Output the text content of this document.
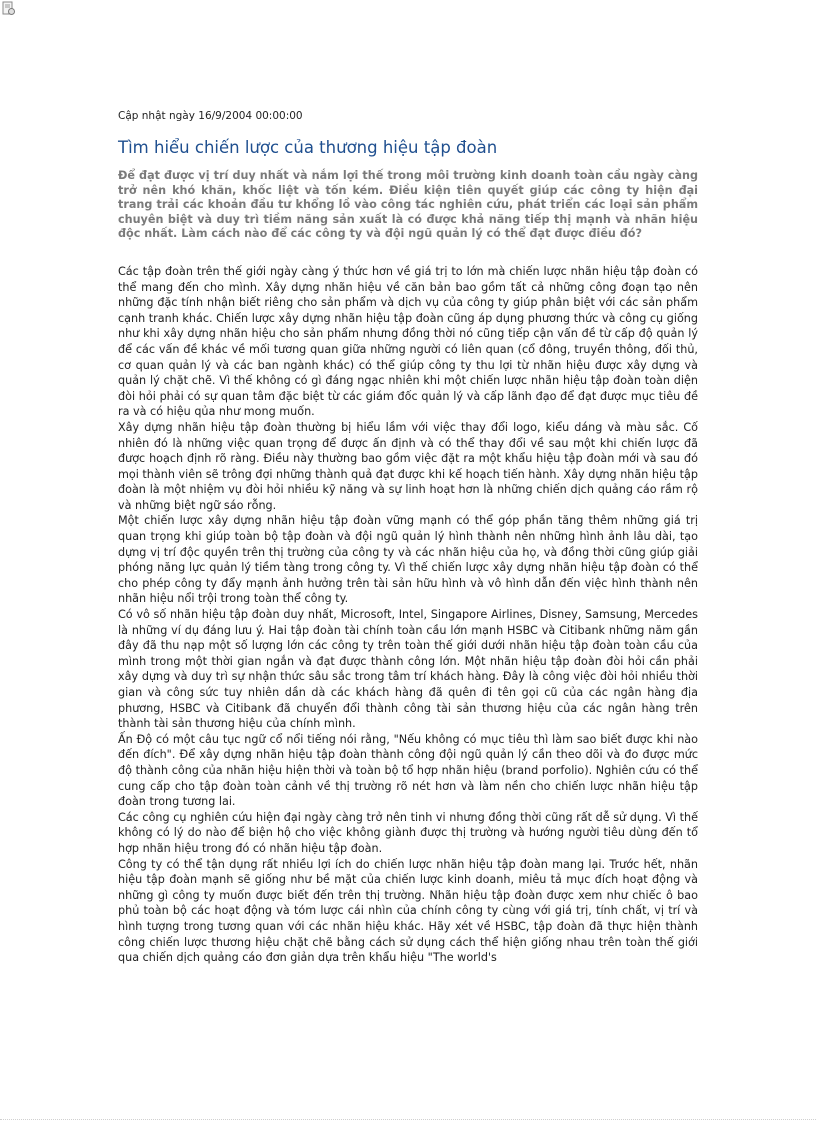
Cập nhật ngày 16/9/2004 00:00:00
Tìm hiểu chiến lược của thương hiệu tập đoàn
Để đạt được vị trí duy nhất và nắm lợi thế trong môi trường kinh doanh toàn cầu ngày càng trở nên khó khăn, khốc liệt và tốn kém. Điều kiện tiên quyết giúp các công ty hiện đại trang trải các khoản đầu tư khổng lồ vào công tác nghiên cứu, phát triển các loại sản phẩm chuyên biệt và duy trì tiềm năng sản xuất là có được khả năng tiếp thị mạnh và nhãn hiệu độc nhất. Làm cách nào để các công ty và đội ngũ quản lý có thể đạt được điều đó?

Các tập đoàn trên thế giới ngày càng ý thức hơn về giá trị to lớn mà chiến lược nhãn hiệu tập đoàn có thể mang đến cho mình. Xây dựng nhãn hiệu về căn bản bao gồm tất cả những công đoạn tạo nên những đặc tính nhận biết riêng cho sản phẩm và dịch vụ của công ty giúp phân biệt với các sản phẩm cạnh tranh khác. Chiến lược xây dựng nhãn hiệu tập đoàn cũng áp dụng phương thức và công cụ giống như khi xây dựng nhãn hiệu cho sản phẩm nhưng đồng thời nó cũng tiếp cận vấn đề từ cấp độ quản lý để các vấn đề khác về mối tương quan giữa những người có liên quan (cổ đông, truyền thông, đối thủ, cơ quan quản lý và các ban ngành khác) có thể giúp công ty thu lợi từ nhãn hiệu được xây dựng và quản lý chặt chẽ. Vì thế không có gì đáng ngạc nhiên khi một chiến lược nhãn hiệu tập đoàn toàn diện đòi hỏi phải có sự quan tâm đặc biệt từ các giám đốc quản lý và cấp lãnh đạo để đạt được mục tiêu đề ra và có hiệu qủa như mong muốn.

Xây dựng nhãn hiệu tập đoàn thường bị hiểu lầm với việc thay đổi logo, kiểu dáng và màu sắc. Cố nhiên đó là những việc quan trọng để được ấn định và có thể thay đổi về sau một khi chiến lược đã được hoạch định rõ ràng. Điều này thường bao gồm việc đặt ra một khẩu hiệu tập đoàn mới và sau đó mọi thành viên sẽ trông đợi những thành quả đạt được khi kế hoạch tiến hành. Xây dựng nhãn hiệu tập đoàn là một nhiệm vụ đòi hỏi nhiều kỹ năng và sự linh hoạt hơn là những chiến dịch quảng cáo rầm rộ và những biệt ngữ sáo rỗng.

Một chiến lược xây dựng nhãn hiệu tập đoàn vững mạnh có thể góp phần tăng thêm những giá trị quan trọng khi giúp toàn bộ tập đoàn và đội ngũ quản lý hình thành nên những hình ảnh lâu dài, tạo dựng vị trí độc quyền trên thị trường của công ty và các nhãn hiệu của họ, và đồng thời cũng giúp giải phóng năng lực quản lý tiềm tàng trong công ty. Vì thế chiến lược xây dựng nhãn hiệu tập đoàn có thể cho phép công ty đẩy mạnh ảnh hưởng trên tài sản hữu hình và vô hình dẫn đến việc hình thành nên nhãn hiệu nổi trội trong toàn thể công ty.

Có vô số nhãn hiệu tập đoàn duy nhất, Microsoft, Intel, Singapore Airlines, Disney, Samsung, Mercedes là những ví dụ đáng lưu ý. Hai tập đoàn tài chính toàn cầu lớn mạnh HSBC và Citibank những năm gần đây đã thu nạp một số lượng lớn các công ty trên toàn thế giới dưới nhãn hiệu tập đoàn toàn cầu của mình trong một thời gian ngắn và đạt được thành công lớn. Một nhãn hiệu tập đoàn đòi hỏi cần phải xây dựng và duy trì sự nhận thức sâu sắc trong tâm trí khách hàng. Đây là công việc đòi hỏi nhiều thời gian và công sức tuy nhiên dần dà các khách hàng đã quên đi tên gọi cũ của các ngân hàng địa phương, HSBC và Citibank đã chuyển đổi thành công tài sản thương hiệu của các ngân hàng trên thành tài sản thương hiệu của chính mình.

Ấn Độ có một câu tục ngữ cổ nổi tiếng nói rằng, "Nếu không có mục tiêu thì làm sao biết được khi nào đến đích". Để xây dựng nhãn hiệu tập đoàn thành công đội ngũ quản lý cần theo dõi và đo được mức độ thành công của nhãn hiệu hiện thời và toàn bộ tổ hợp nhãn hiệu (brand porfolio). Nghiên cứu có thể cung cấp cho tập đoàn toàn cảnh về thị trường rõ nét hơn và làm nền cho chiến lược nhãn hiệu tập đoàn trong tương lai.

Các công cụ nghiên cứu hiện đại ngày càng trở nên tinh vi nhưng đồng thời cũng rất dễ sử dụng. Vì thế không có lý do nào để biện hộ cho việc không giành được thị trường và hướng người tiêu dùng đến tổ hợp nhãn hiệu trong đó có nhãn hiệu tập đoàn.

Công ty có thể tận dụng rất nhiều lợi ích do chiến lược nhãn hiệu tập đoàn mang lại. Trước hết, nhãn hiệu tập đoàn mạnh sẽ giống như bề mặt của chiến lược kinh doanh, miêu tả mục đích hoạt động và những gì công ty muốn được biết đến trên thị trường. Nhãn hiệu tập đoàn được xem như chiếc ô bao phủ toàn bộ các hoạt động và tóm lược cái nhìn của chính công ty cùng với giá trị, tính chất, vị trí và hình tượng trong tương quan với các nhãn hiệu khác. Hãy xét về HSBC, tập đoàn đã thực hiện thành công chiến lược thương hiệu chặt chẽ bằng cách sử dụng cách thể hiện giống nhau trên toàn thế giới qua chiến dịch quảng cáo đơn giản dựa trên khẩu hiệu "The world's
